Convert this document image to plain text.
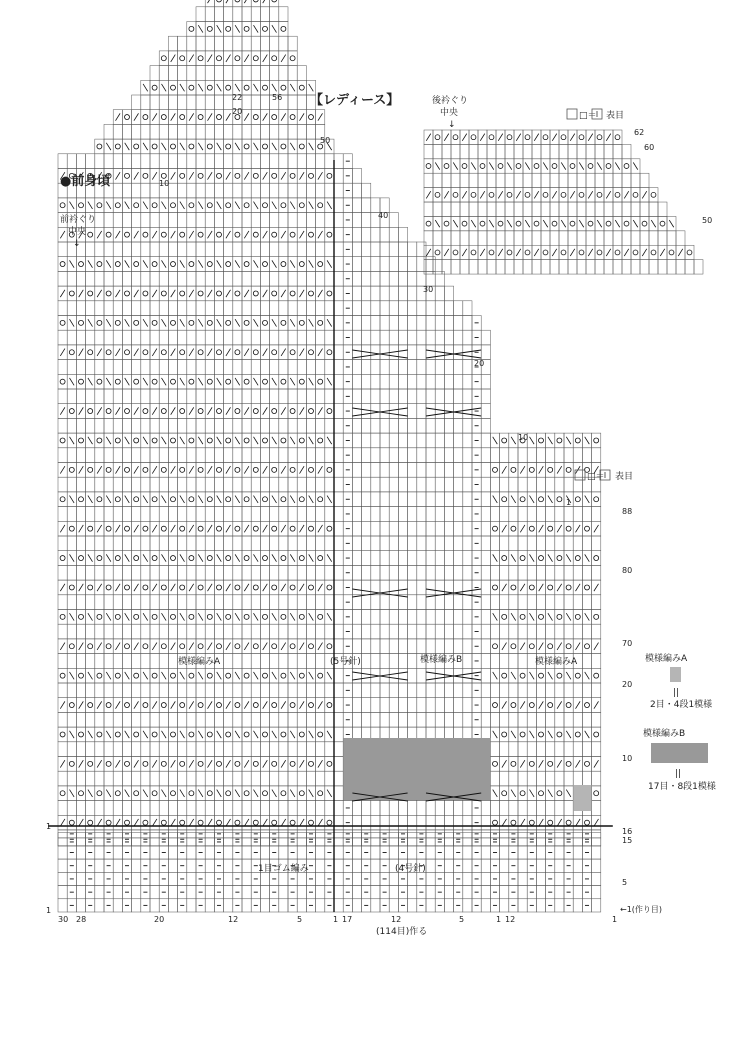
【レディース】
●前身頃
前衿ぐり
中央
↓
後衿ぐり
中央
↓
□＝ 表目
□＝ 表目
模様編みA
||
2目・4段1模様
模様編みB
||
17目・8段1模様
模様編みA	(5号針)	模様編みB	模様編みA
1目ゴム編み	(4号針)
22	56
20
50
10
40
30
20
10
1
88
80
70
20
10
16
15
5
62
60
50
30 28	20	12	5	1 17	12	5	1 12	1
←1(作り目)
(114目)作る
1
1
